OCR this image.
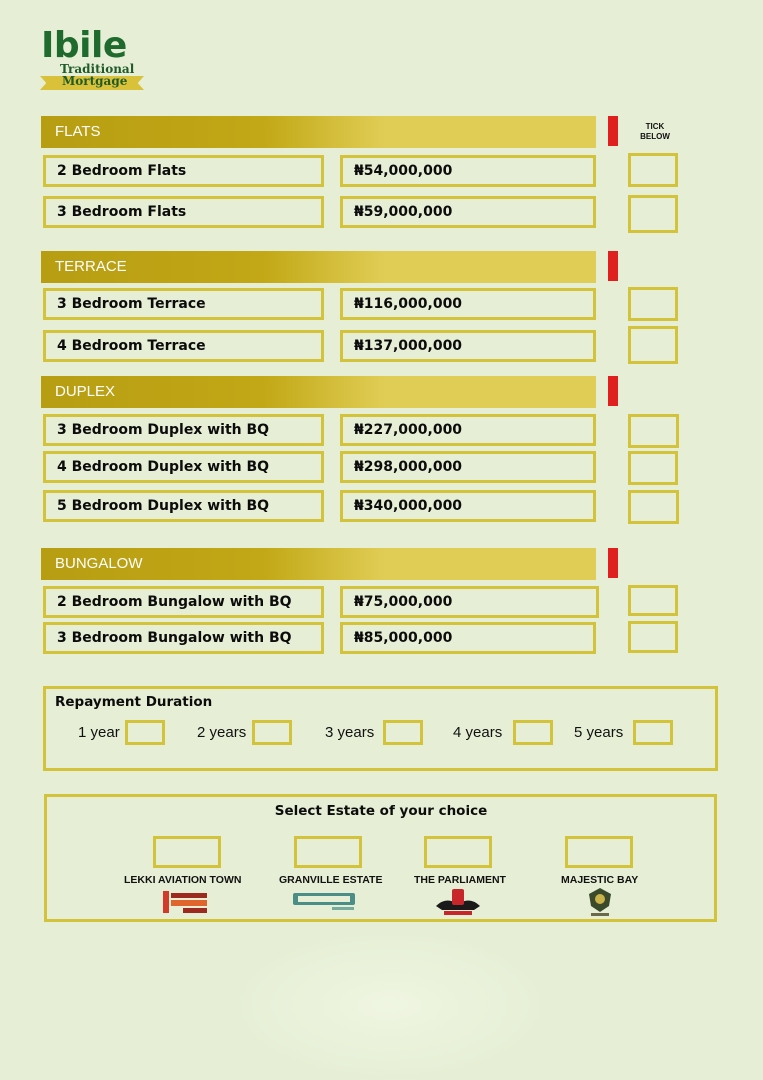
Ibile
Traditional
Mortgage
TICK BELOW
FLATS
2 Bedroom Flats	₦54,000,000
3 Bedroom Flats	₦59,000,000
TERRACE
3 Bedroom Terrace	₦116,000,000
4 Bedroom Terrace	₦137,000,000
DUPLEX
3 Bedroom Duplex with BQ	₦227,000,000
4 Bedroom Duplex with BQ	₦298,000,000
5 Bedroom Duplex with BQ	₦340,000,000
BUNGALOW
2 Bedroom Bungalow with BQ	₦75,000,000
3 Bedroom Bungalow with BQ	₦85,000,000
Repayment Duration
1 year	2 years	3 years	4 years	5 years
Select Estate of your choice
LEKKI AVIATION TOWN	GRANVILLE ESTATE	THE PARLIAMENT	MAJESTIC BAY
